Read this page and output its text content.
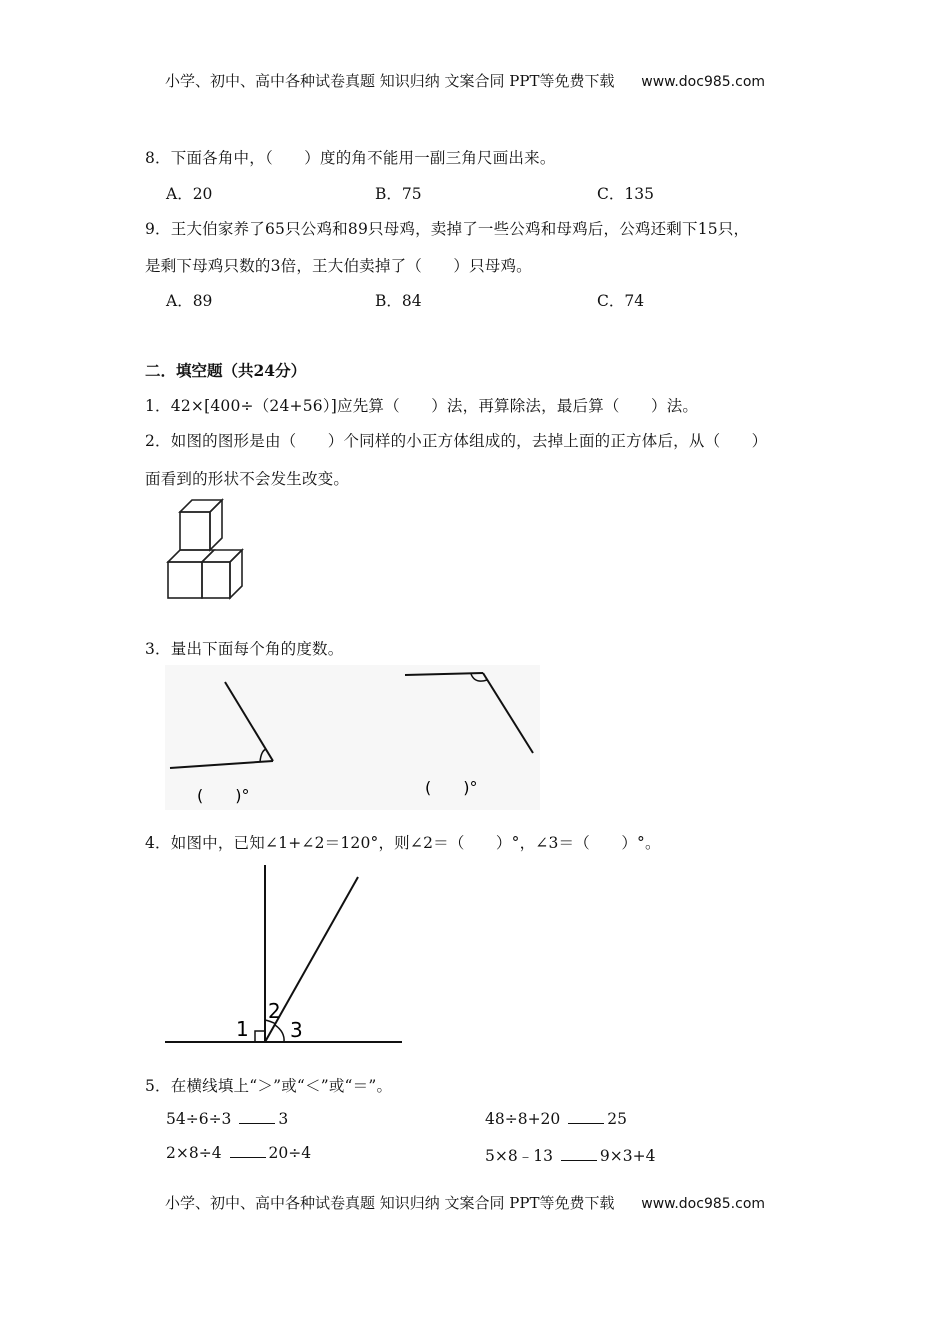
小学、初中、高中各种试卷真题 知识归纳 文案合同 PPT等免费下载 www.doc985.com
8．下面各角中，（　　）度的角不能用一副三角尺画出来。
A．20	B．75	C．135
9．王大伯家养了65只公鸡和89只母鸡，卖掉了一些公鸡和母鸡后，公鸡还剩下15只，
是剩下母鸡只数的3倍，王大伯卖掉了（　　）只母鸡。
A．89	B．84	C．74
二．填空题（共24分）
1．42×[400÷（24+56）]应先算（　　）法，再算除法，最后算（　　）法。
2．如图的图形是由（　　）个同样的小正方体组成的，去掉上面的正方体后，从（　　）
面看到的形状不会发生改变。
3．量出下面每个角的度数。
(　　)°	(　　)°
4．如图中，已知∠1+∠2＝120°，则∠2＝（　　）°，∠3＝（　　）°。
1
2
3
5．在横线填上“＞”或“＜”或“＝”。
54÷6÷3	3	48÷8+20	25
2×8÷4	20÷4	5×8﹣13	9×3+4
小学、初中、高中各种试卷真题 知识归纳 文案合同 PPT等免费下载 www.doc985.com
